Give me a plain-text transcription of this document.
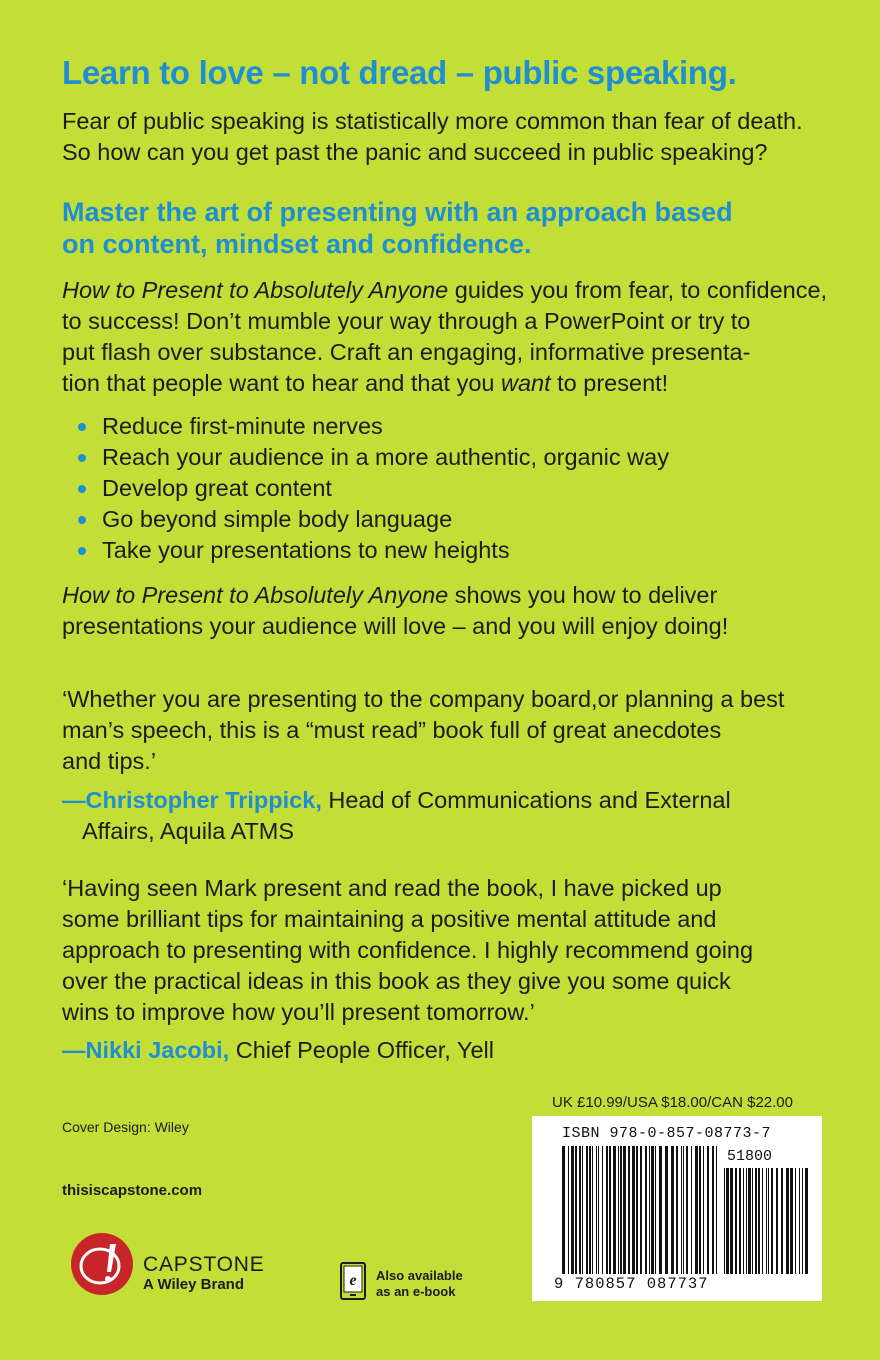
Learn to love – not dread – public speaking.
Fear of public speaking is statistically more common than fear of death.
So how can you get past the panic and succeed in public speaking?
Master the art of presenting with an approach based
on content, mindset and confidence.
How to Present to Absolutely Anyone guides you from fear, to confidence,
to success! Don’t mumble your way through a PowerPoint or try to
put flash over substance. Craft an engaging, informative presenta-
tion that people want to hear and that you want to present!
Reduce first-minute nerves
Reach your audience in a more authentic, organic way
Develop great content
Go beyond simple body language
Take your presentations to new heights
How to Present to Absolutely Anyone shows you how to deliver
presentations your audience will love – and you will enjoy doing!
‘Whether you are presenting to the company board,or planning a best
man’s speech, this is a “must read” book full of great anecdotes
and tips.’
—Christopher Trippick, Head of Communications and External
Affairs, Aquila ATMS
‘Having seen Mark present and read the book, I have picked up
some brilliant tips for maintaining a positive mental attitude and
approach to presenting with confidence. I highly recommend going
over the practical ideas in this book as they give you some quick
wins to improve how you’ll present tomorrow.’
—Nikki Jacobi, Chief People Officer, Yell
UK £10.99/USA $18.00/CAN $22.00
Cover Design: Wiley
thisiscapstone.com
ISBN 978-0-857-08773-7
51800
9 780857 087737
CAPSTONE
A Wiley Brand	e Also available
as an e-book
